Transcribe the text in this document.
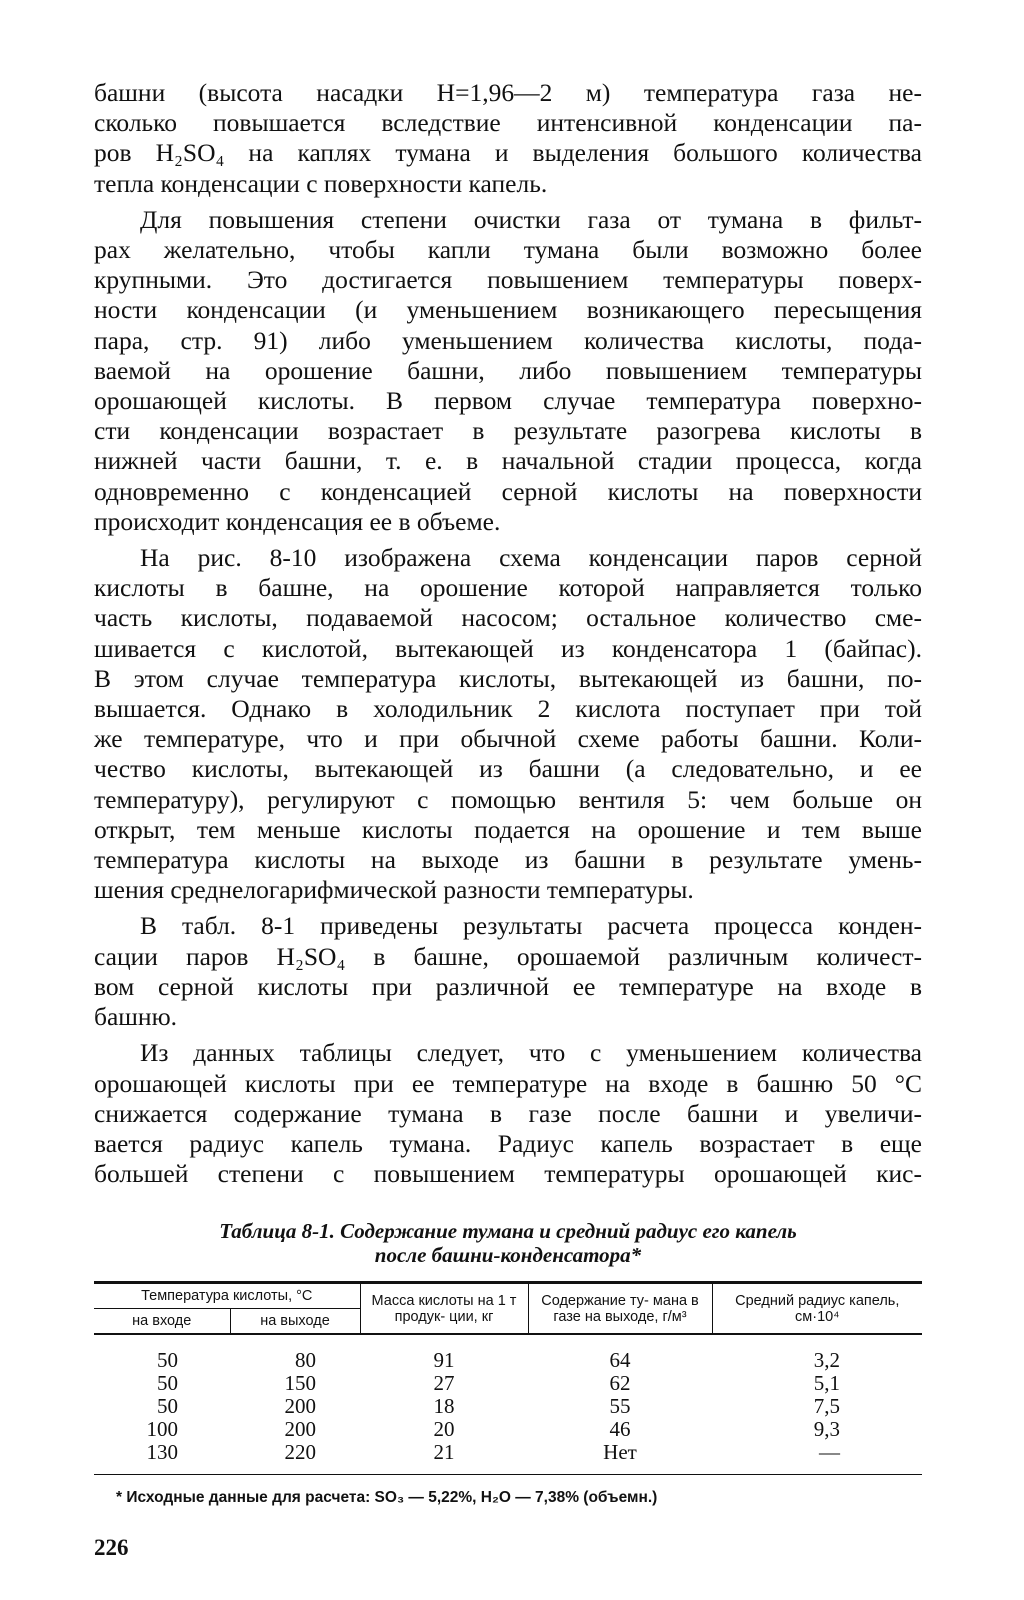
башни (высота насадки H=1,96—2 м) температура газа не-
сколько повышается вследствие интенсивной конденсации па-
ров H₂SO₄ на каплях тумана и выделения большого количества
тепла конденсации с поверхности капель.

Для повышения степени очистки газа от тумана в фильт-
рах желательно, чтобы капли тумана были возможно более
крупными. Это достигается повышением температуры поверх-
ности конденсации (и уменьшением возникающего пересыщения
пара, стр. 91) либо уменьшением количества кислоты, пода-
ваемой на орошение башни, либо повышением температуры
орошающей кислоты. В первом случае температура поверхно-
сти конденсации возрастает в результате разогрева кислоты в
нижней части башни, т. е. в начальной стадии процесса, когда
одновременно с конденсацией серной кислоты на поверхности
происходит конденсация ее в объеме.

На рис. 8-10 изображена схема конденсации паров серной
кислоты в башне, на орошение которой направляется только
часть кислоты, подаваемой насосом; остальное количество сме-
шивается с кислотой, вытекающей из конденсатора 1 (байпас).
В этом случае температура кислоты, вытекающей из башни, по-
вышается. Однако в холодильник 2 кислота поступает при той
же температуре, что и при обычной схеме работы башни. Коли-
чество кислоты, вытекающей из башни (а следовательно, и ее
температуру), регулируют с помощью вентиля 5: чем больше он
открыт, тем меньше кислоты подается на орошение и тем выше
температура кислоты на выходе из башни в результате умень-
шения среднелогарифмической разности температуры.

В табл. 8-1 приведены результаты расчета процесса конден-
сации паров H₂SO₄ в башне, орошаемой различным количест-
вом серной кислоты при различной ее температуре на входе в
башню.

Из данных таблицы следует, что с уменьшением количества
орошающей кислоты при ее температуре на входе в башню 50 °С
снижается содержание тумана в газе после башни и увеличи-
вается радиус капель тумана. Радиус капель возрастает в еще
большей степени с повышением температуры орошающей кис-

Таблица 8-1. Содержание тумана и средний радиус его капель
после башни-конденсатора*
Температура кислоты, °С		Масса кислоты на 1 т продук- ции, кг	Содержание ту- мана в газе на выходе, г/м³	Средний радиус капель, см·10⁴
на входе	на выходе			
50	80	91	64	3,2
50	150	27	62	5,1
50	200	18	55	7,5
100	200	20	46	9,3
130	220	21	Нет	—
* Исходные данные для расчета: SO₃ — 5,22%, H₂O — 7,38% (объемн.)
226
